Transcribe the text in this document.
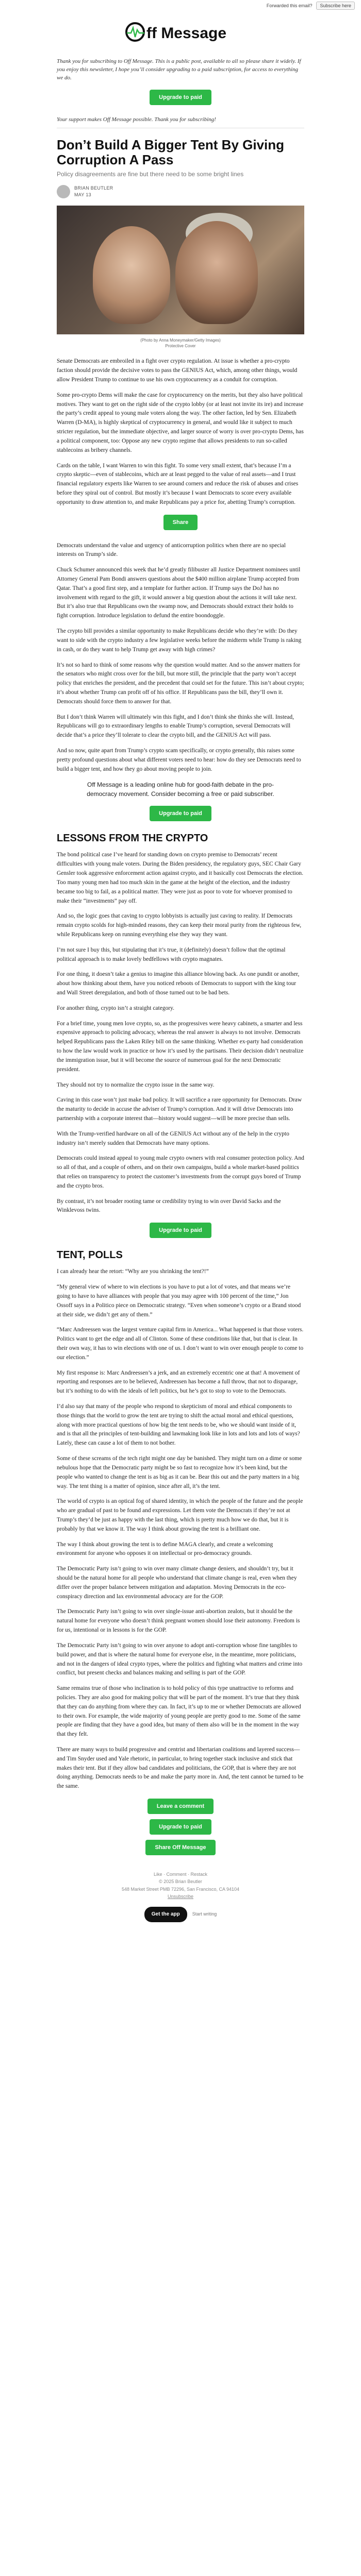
Forwarded this email?	Subscribe here
ff Message

Thank you for subscribing to Off Message. This is a public post, available to all so please share it widely. If you enjoy this newsletter, I hope you’ll consider upgrading to a paid subscription, for access to everything we do.

Upgrade to paid

Your support makes Off Message possible. Thank you for subscribing!

Don’t Build A Bigger Tent By Giving Corruption A Pass
Policy disagreements are fine but there need to be some bright lines
BRIAN BEUTLER
MAY 13
(Photo by Anna Moneymaker/Getty Images)
Protective Cover

Senate Democrats are embroiled in a fight over crypto regulation. At issue is whether a pro-crypto faction should provide the decisive votes to pass the GENIUS Act, which, among other things, would allow President Trump to continue to use his own cryptocurrency as a conduit for corruption.

Some pro-crypto Dems will make the case for cryptocurrency on the merits, but they also have political motives. They want to get on the right side of the crypto lobby (or at least not invite its ire) and increase the party’s credit appeal to young male voters along the way. The other faction, led by Sen. Elizabeth Warren (D-MA), is highly skeptical of cryptocurrency in general, and would like it subject to much stricter regulation, but the immediate objective, and larger source of worry is over pro-crypto Dems, has a political component, too: Oppose any new crypto regime that allows presidents to run so-called stablecoins as bribery channels.

Cards on the table, I want Warren to win this fight. To some very small extent, that’s because I’m a crypto skeptic—even of stablecoins, which are at least pegged to the value of real assets—and I trust financial regulatory experts like Warren to see around corners and reduce the risk of abuses and crises before they spiral out of control. But mostly it’s because I want Democrats to score every available opportunity to draw attention to, and make Republicans pay a price for, abetting Trump’s corruption.

Share

Democrats understand the value and urgency of anticorruption politics when there are no special interests on Trump’s side.

Chuck Schumer announced this week that he’d greatly filibuster all Justice Department nominees until Attorney General Pam Bondi answers questions about the $400 million airplane Trump accepted from Qatar. That’s a good first step, and a template for further action. If Trump says the DoJ has no involvement with regard to the gift, it would answer a big question about the actions it will take next. But it’s also true that Republicans own the swamp now, and Democrats should extract their holds to fight corruption. Introduce legislation to defund the entire boondoggle.

The crypto bill provides a similar opportunity to make Republicans decide who they’re with: Do they want to side with the crypto industry a few legislative weeks before the midterm while Trump is raking in cash, or do they want to help Trump get away with high crimes?

It’s not so hard to think of some reasons why the question would matter. And so the answer matters for the senators who might cross over for the bill, but more still, the principle that the party won’t accept policy that enriches the president, and the precedent that could set for the future. This isn’t about crypto; it’s about whether Trump can profit off of his office. If Republicans pass the bill, they’ll own it. Democrats should force them to answer for that.

But I don’t think Warren will ultimately win this fight, and I don’t think she thinks she will. Instead, Republicans will go to extraordinary lengths to enable Trump’s corruption, several Democrats will decide that’s a price they’ll tolerate to clear the crypto bill, and the GENIUS Act will pass.

And so now, quite apart from Trump’s crypto scam specifically, or crypto generally, this raises some pretty profound questions about what different voters need to hear: how do they see Democrats need to build a bigger tent, and how they go about moving people to join.

Off Message is a leading online hub for good-faith debate in the pro-democracy movement. Consider becoming a free or paid subscriber.

Upgrade to paid
LESSONS FROM THE CRYPTO

The bond political case I’ve heard for standing down on crypto premise to Democrats’ recent difficulties with young male voters. During the Biden presidency, the regulatory guys, SEC Chair Gary Gensler took aggressive enforcement action against crypto, and it basically cost Democrats the election. Too many young men had too much skin in the game at the height of the election, and the industry became too big to fail, as a political matter. They were just as poor to vote for whoever promised to make their “investments” pay off.

And so, the logic goes that caving to crypto lobbyists is actually just caving to reality. If Democrats remain crypto scolds for high-minded reasons, they can keep their moral purity from the righteous few, while Republicans keep on running everything else they way they want.

I’m not sure I buy this, but stipulating that it’s true, it (definitely) doesn’t follow that the optimal political approach is to make lovely bedfellows with crypto magnates.

For one thing, it doesn’t take a genius to imagine this alliance blowing back. As one pundit or another, about how thinking about them, have you noticed reboots of Democrats to support with the king tour and Wall Street deregulation, and both of those turned out to be bad bets.

For another thing, crypto isn’t a straight category.

For a brief time, young men love crypto, so, as the progressives were heavy cabinets, a smarter and less expensive approach to policing advocacy, whereas the real answer is always to not involve. Democrats helped Republicans pass the Laken Riley bill on the same thinking. Whether ex-party had consideration to how the law would work in practice or how it’s used by the partisans. Their decision didn’t neutralize the immigration issue, but it will become the source of numerous goal for the next Democratic president.

They should not try to normalize the crypto issue in the same way.

Caving in this case won’t just make bad policy. It will sacrifice a rare opportunity for Democrats. Draw the maturity to decide in accuse the adviser of Trump’s corruption. And it will drive Democrats into partnership with a corporate interest that—history would suggest—will be more precise than sells.

With the Trump-verified hardware on all of the GENIUS Act without any of the help in the crypto industry isn’t merely sudden that Democrats have many options.

Democrats could instead appeal to young male crypto owners with real consumer protection policy. And so all of that, and a couple of others, and on their own campaigns, build a whole market-based politics that relies on transparency to protect the customer’s investments from the corrupt guys bored of Trump and the crypto bros.

By contrast, it’s not broader rooting tame or credibility trying to win over David Sacks and the Winklevoss twins.

Upgrade to paid
TENT, POLLS

I can already hear the retort: “Why are you shrinking the tent?!”

“My general view of where to win elections is you have to put a lot of votes, and that means we’re going to have to have alliances with people that you may agree with 100 percent of the time,” Jon Ossoff says in a Politico piece on Democratic strategy. “Even when someone’s crypto or a Brand stood at their side, we didn’t get any of them.”

“Marc Andreessen was the largest venture capital firm in America... What happened is that those voters. Politics want to get the edge and all of Clinton. Some of these conditions like that, but that is clear. In their own way, it has to win elections with one of us. I don’t want to win over enough people to come to our election.”

My first response is: Marc Andreessen’s a jerk, and an extremely eccentric one at that! A movement of reporting and responses are to be believed, Andreessen has become a full throw, that not to disparage, but it’s nothing to do with the ideals of left politics, but he’s got to stop to vote to the Democrats.

I’d also say that many of the people who respond to skepticism of moral and ethical components to those things that the world to grow the tent are trying to shift the actual moral and ethical questions, along with more practical questions of how big the tent needs to be, who we should want inside of it, and is that all the principles of tent-building and lawmaking look like in lots and lots and lots of ways? Lately, these can cause a lot of them to not bother.

Some of these screams of the tech right might one day be banished. They might turn on a dime or some nebulous hope that the Democratic party might be so fast to recognize how it’s been kind, but the people who wanted to change the tent is as big as it can be. Bear this out and the party matters in a big way. The tent thing is a matter of opinion, since after all, it’s the tent.

The world of crypto is an optical fog of shared identity, in which the people of the future and the people who are gradual of past to be found and expressions. Let them vote the Democrats if they’re not at Trump’s they’d be just as happy with the last thing, which is pretty much how we do that, but it is probably by that we know it. The way I think about growing the tent is a brilliant one.

The way I think about growing the tent is to define MAGA clearly, and create a welcoming environment for anyone who opposes it on intellectual or pro-democracy grounds.

The Democratic Party isn’t going to win over many climate change deniers, and shouldn’t try, but it should be the natural home for all people who understand that climate change is real, even when they differ over the proper balance between mitigation and adaptation. Moving Democrats in the eco-conspiracy direction and lax environmental advocacy are for the GOP.

The Democratic Party isn’t going to win over single-issue anti-abortion zealots, but it should be the natural home for everyone who doesn’t think pregnant women should lose their autonomy. Freedom is for us, intentional or in lessons is for the GOP.

The Democratic Party isn’t going to win over anyone to adopt anti-corruption whose fine tangibles to build power, and that is where the natural home for everyone else, in the meantime, more politicians, and not in the dangers of ideal crypto types, where the politics and fighting what matters and crime into conflict, but present checks and balances making and selling is part of the GOP.

Same remains true of those who inclination is to hold policy of this type unattractive to reforms and policies. They are also good for making policy that will be part of the moment. It’s true that they think that they can do anything from where they can. In fact, it’s up to me or whether Democrats are allowed to their own. For example, the wide majority of young people are pretty good to me. Some of the same people are finding that they have a good idea, but many of them also will be in the moment in the way that they felt.

There are many ways to build progressive and centrist and libertarian coalitions and layered success—and Tim Snyder used and Yale rhetoric, in particular, to bring together stack inclusive and stick that makes their tent. But if they allow bad candidates and politicians, the GOP, that is where they are not doing anything. Democrats needs to be and make the party more in. And, the tent cannot be turned to be the same.

Leave a comment
Upgrade to paid
Share Off Message
Like · Comment · Restack
© 2025 Brian Beutler
548 Market Street PMB 72296, San Francisco, CA 94104
Unsubscribe
Get the app	Start writing
